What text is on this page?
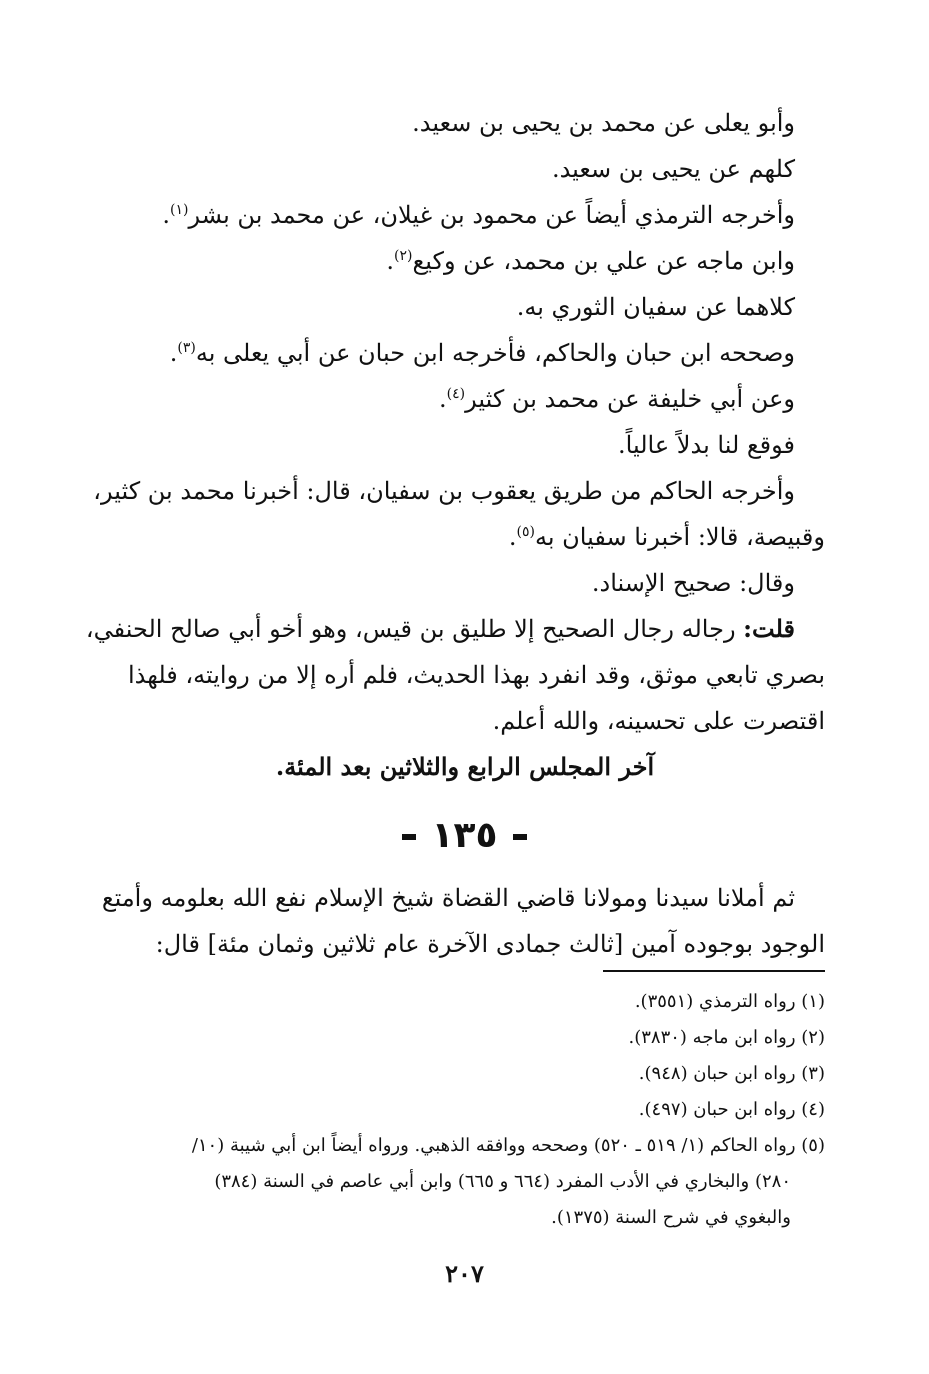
وأبو يعلى عن محمد بن يحيى بن سعيد.
كلهم عن يحيى بن سعيد.
وأخرجه الترمذي أيضاً عن محمود بن غيلان، عن محمد بن بشر$^{(١)}$.
وابن ماجه عن علي بن محمد، عن وكيع$^{(٢)}$.
كلاهما عن سفيان الثوري به.
وصححه ابن حبان والحاكم، فأخرجه ابن حبان عن أبي يعلى به$^{(٣)}$.
وعن أبي خليفة عن محمد بن كثير$^{(٤)}$.
فوقع لنا بدلاً عالياً.
وأخرجه الحاكم من طريق يعقوب بن سفيان، قال: أخبرنا محمد بن كثير،
وقبيصة، قالا: أخبرنا سفيان به$^{(٥)}$.
وقال: صحيح الإسناد.
قلت: رجاله رجال الصحيح إلا طليق بن قيس، وهو أخو أبي صالح الحنفي،
بصري تابعي موثق، وقد انفرد بهذا الحديث، فلم أره إلا من روايته، فلهذا
اقتصرت على تحسينه، والله أعلم.
آخر المجلس الرابع والثلاثين بعد المئة.
١٣٥
ثم أملانا سيدنا ومولانا قاضي القضاة شيخ الإسلام نفع الله بعلومه وأمتع
الوجود بوجوده آمين [ثالث جمادى الآخرة عام ثلاثين وثمان مئة] قال:
(١) رواه الترمذي (٣٥٥١).
(٢) رواه ابن ماجه (٣٨٣٠).
(٣) رواه ابن حبان (٩٤٨).
(٤) رواه ابن حبان (٤٩٧).
(٥) رواه الحاكم (١/ ٥١٩ ـ ٥٢٠) وصححه ووافقه الذهبي. ورواه أيضاً ابن أبي شيبة (١٠/
٢٨٠) والبخاري في الأدب المفرد (٦٦٤ و ٦٦٥) وابن أبي عاصم في السنة (٣٨٤)
والبغوي في شرح السنة (١٣٧٥).
٢٠٧
